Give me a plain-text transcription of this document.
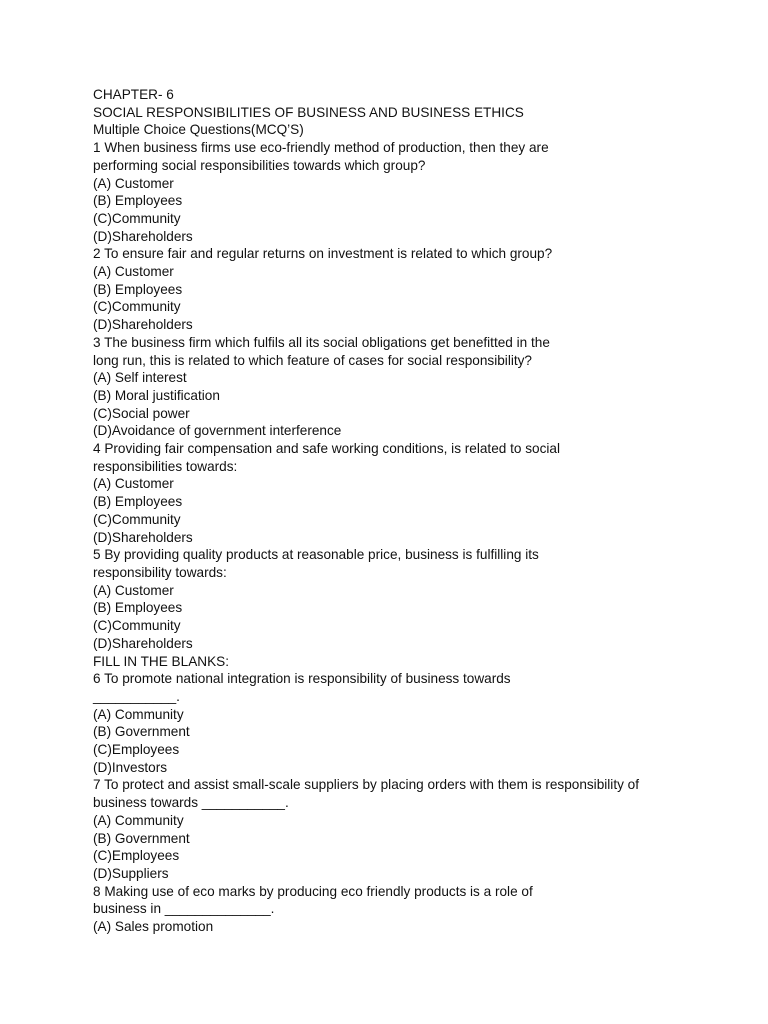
CHAPTER- 6
SOCIAL RESPONSIBILITIES OF BUSINESS AND BUSINESS ETHICS
Multiple Choice Questions(MCQ’S)
1 When business firms use eco-friendly method of production, then they are
performing social responsibilities towards which group?
(A) Customer
(B) Employees
(C)Community
(D)Shareholders
2 To ensure fair and regular returns on investment is related to which group?
(A) Customer
(B) Employees
(C)Community
(D)Shareholders
3 The business firm which fulfils all its social obligations get benefitted in the
long run, this is related to which feature of cases for social responsibility?
(A) Self interest
(B) Moral justification
(C)Social power
(D)Avoidance of government interference
4 Providing fair compensation and safe working conditions, is related to social
responsibilities towards:
(A) Customer
(B) Employees
(C)Community
(D)Shareholders
5 By providing quality products at reasonable price, business is fulfilling its
responsibility towards:
(A) Customer
(B) Employees
(C)Community
(D)Shareholders
FILL IN THE BLANKS:
6 To promote national integration is responsibility of business towards
___________.
(A) Community
(B) Government
(C)Employees
(D)Investors
7 To protect and assist small-scale suppliers by placing orders with them is responsibility of
business towards ___________.
(A) Community
(B) Government
(C)Employees
(D)Suppliers
8 Making use of eco marks by producing eco friendly products is a role of
business in ______________.
(A) Sales promotion
